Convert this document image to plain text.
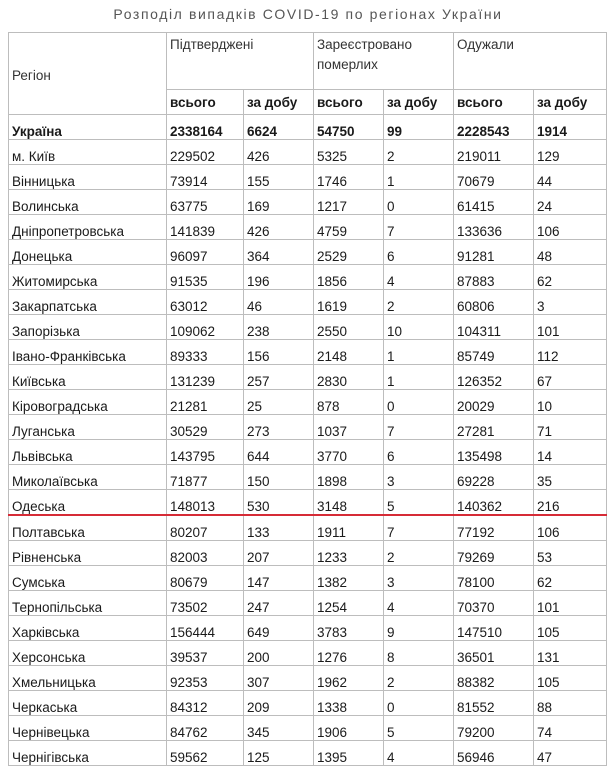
Розподіл випадків COVID-19 по регіонах України
Регіон	Підтверджені		Зареєстровано померлих		Одужали	
	всього	за добу	всього	за добу	всього	за добу
Україна	2338164	6624	54750	99	2228543	1914
м. Київ	229502	426	5325	2	219011	129
Вінницька	73914	155	1746	1	70679	44
Волинська	63775	169	1217	0	61415	24
Дніпропетровська	141839	426	4759	7	133636	106
Донецька	96097	364	2529	6	91281	48
Житомирська	91535	196	1856	4	87883	62
Закарпатська	63012	46	1619	2	60806	3
Запорізька	109062	238	2550	10	104311	101
Івано-Франківська	89333	156	2148	1	85749	112
Київська	131239	257	2830	1	126352	67
Кіровоградська	21281	25	878	0	20029	10
Луганська	30529	273	1037	7	27281	71
Львівська	143795	644	3770	6	135498	14
Миколаївська	71877	150	1898	3	69228	35
Одеська	148013	530	3148	5	140362	216
Полтавська	80207	133	1911	7	77192	106
Рівненська	82003	207	1233	2	79269	53
Сумська	80679	147	1382	3	78100	62
Тернопільська	73502	247	1254	4	70370	101
Харківська	156444	649	3783	9	147510	105
Херсонська	39537	200	1276	8	36501	131
Хмельницька	92353	307	1962	2	88382	105
Черкаська	84312	209	1338	0	81552	88
Чернівецька	84762	345	1906	5	79200	74
Чернігівська	59562	125	1395	4	56946	47
